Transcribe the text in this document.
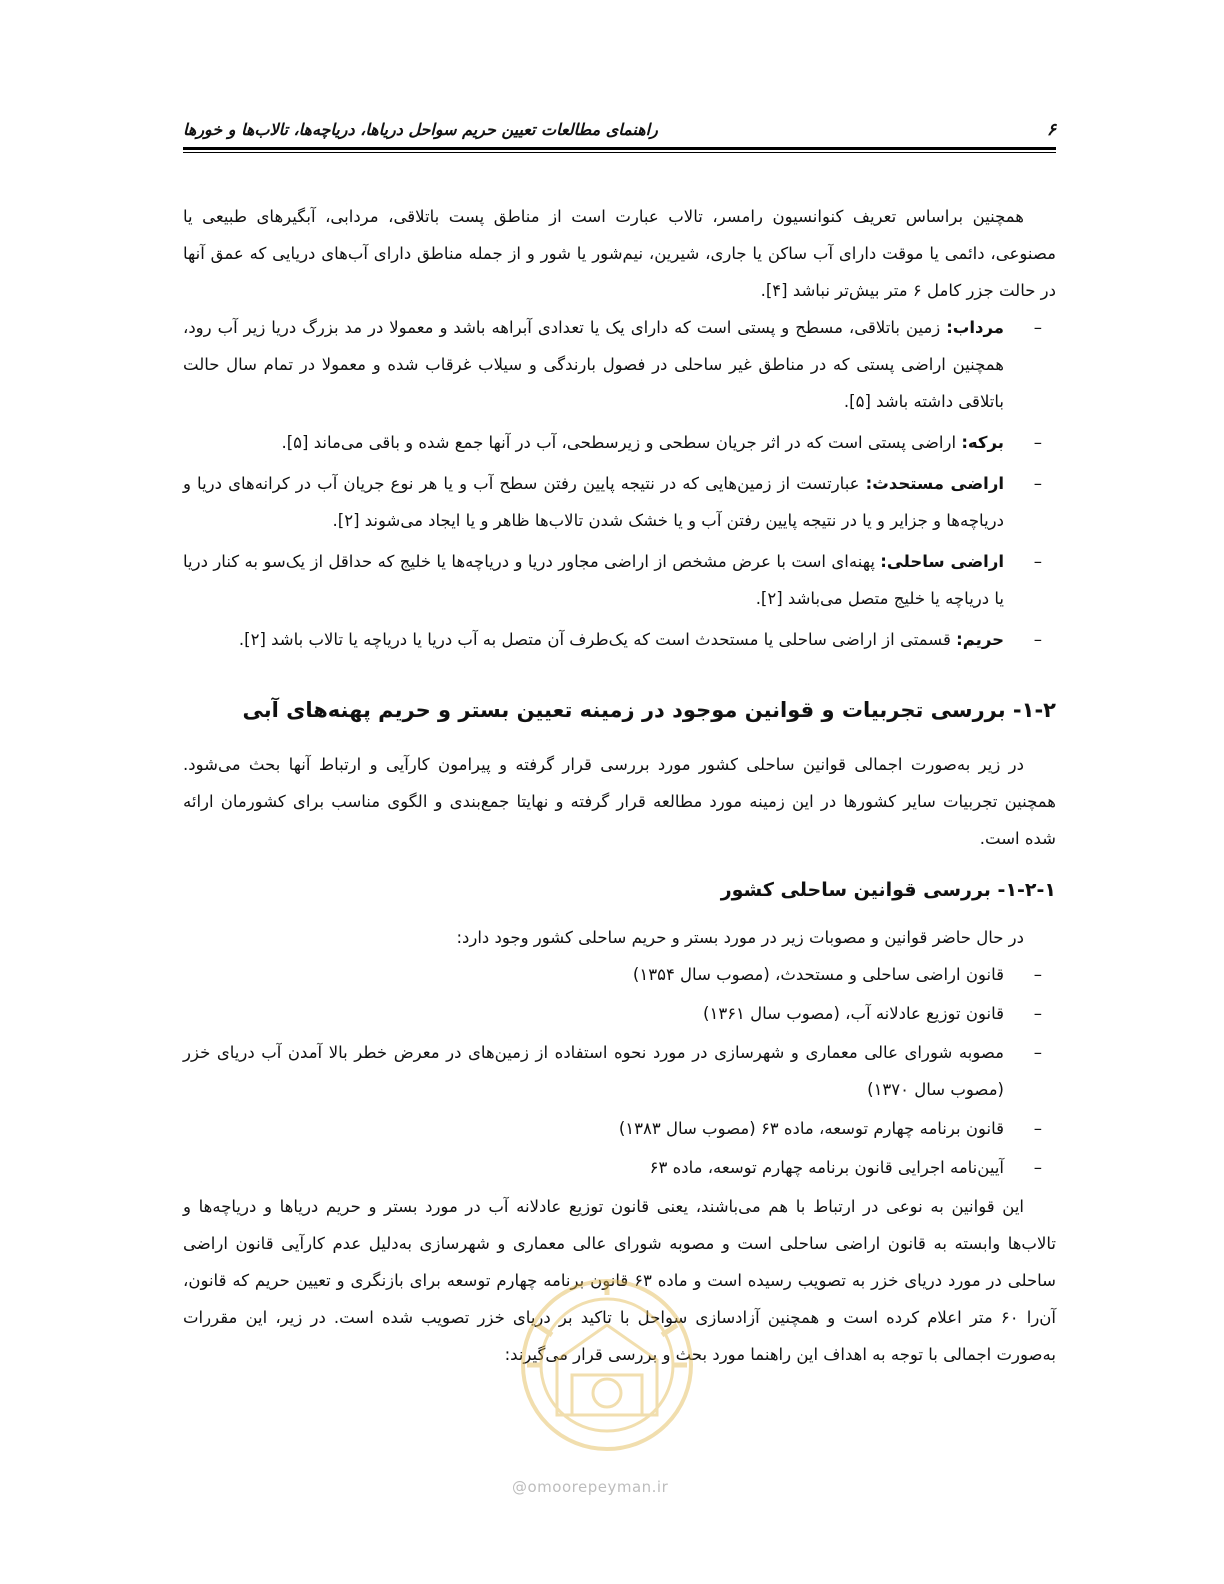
۶
راهنمای مطالعات تعیین حریم سواحل دریاها، دریاچه‌ها، تالاب‌ها و خورها

همچنین براساس تعریف کنوانسیون رامسر، تالاب عبارت است از مناطق پست باتلاقی، مردابی، آبگیرهای طبیعی یا مصنوعی، دائمی یا موقت دارای آب ساکن یا جاری، شیرین، نیم‌شور یا شور و از جمله مناطق دارای آب‌های دریایی که عمق آنها در حالت جزر کامل ۶ متر بیش‌تر نباشد [۴].

–
مرداب: زمین باتلاقی، مسطح و پستی است که دارای یک یا تعدادی آبراهه باشد و معمولا در مد بزرگ دریا زیر آب رود، همچنین اراضی پستی که در مناطق غیر ساحلی در فصول بارندگی و سیلاب غرقاب شده و معمولا در تمام سال حالت باتلاقی داشته باشد [۵].
–
برکه: اراضی پستی است که در اثر جریان سطحی و زیرسطحی، آب در آنها جمع شده و باقی می‌ماند [۵].
–
اراضی مستحدث: عبارتست از زمین‌هایی که در نتیجه پایین رفتن سطح آب و یا هر نوع جریان آب در کرانه‌های دریا و دریاچه‌ها و جزایر و یا در نتیجه پایین رفتن آب و یا خشک شدن تالاب‌ها ظاهر و یا ایجاد می‌شوند [۲].
–
اراضی ساحلی: پهنه‌ای است با عرض مشخص از اراضی مجاور دریا و دریاچه‌ها یا خلیج که حداقل از یک‌سو به کنار دریا یا دریاچه یا خلیج متصل می‌باشد [۲].
–
حریم: قسمتی از اراضی ساحلی یا مستحدث است که یک‌طرف آن متصل به آب دریا یا دریاچه یا تالاب باشد [۲].
۱-۲- بررسی تجربیات و قوانین موجود در زمینه تعیین بستر و حریم پهنه‌های آبی

در زیر به‌صورت اجمالی قوانین ساحلی کشور مورد بررسی قرار گرفته و پیرامون کارآیی و ارتباط آنها بحث می‌شود. همچنین تجربیات سایر کشورها در این زمینه مورد مطالعه قرار گرفته و نهایتا جمع‌بندی و الگوی مناسب برای کشورمان ارائه شده است.

۱-۲-۱- بررسی قوانین ساحلی کشور

در حال حاضر قوانین و مصوبات زیر در مورد بستر و حریم ساحلی کشور وجود دارد:

–
قانون اراضی ساحلی و مستحدث، (مصوب سال ۱۳۵۴)
–
قانون توزیع عادلانه آب، (مصوب سال ۱۳۶۱)
–
مصوبه شورای عالی معماری و شهرسازی در مورد نحوه استفاده از زمین‌های در معرض خطر بالا آمدن آب دریای خزر (مصوب سال ۱۳۷۰)
–
قانون برنامه چهارم توسعه، ماده ۶۳ (مصوب سال ۱۳۸۳)
–
آیین‌نامه اجرایی قانون برنامه چهارم توسعه، ماده ۶۳

این قوانین به نوعی در ارتباط با هم می‌باشند، یعنی قانون توزیع عادلانه آب در مورد بستر و حریم دریاها و دریاچه‌ها و تالاب‌ها وابسته به قانون اراضی ساحلی است و مصوبه شورای عالی معماری و شهرسازی به‌دلیل عدم کارآیی قانون اراضی ساحلی در مورد دریای خزر به تصویب رسیده است و ماده ۶۳ قانون برنامه چهارم توسعه برای بازنگری و تعیین حریم که قانون، آن‌را ۶۰ متر اعلام کرده است و همچنین آزادسازی سواحل با تاکید بر دریای خزر تصویب شده است. در زیر، این مقررات به‌صورت اجمالی با توجه به اهداف این راهنما مورد بحث و بررسی قرار می‌گیرند:

@omoorepeyman.ir
